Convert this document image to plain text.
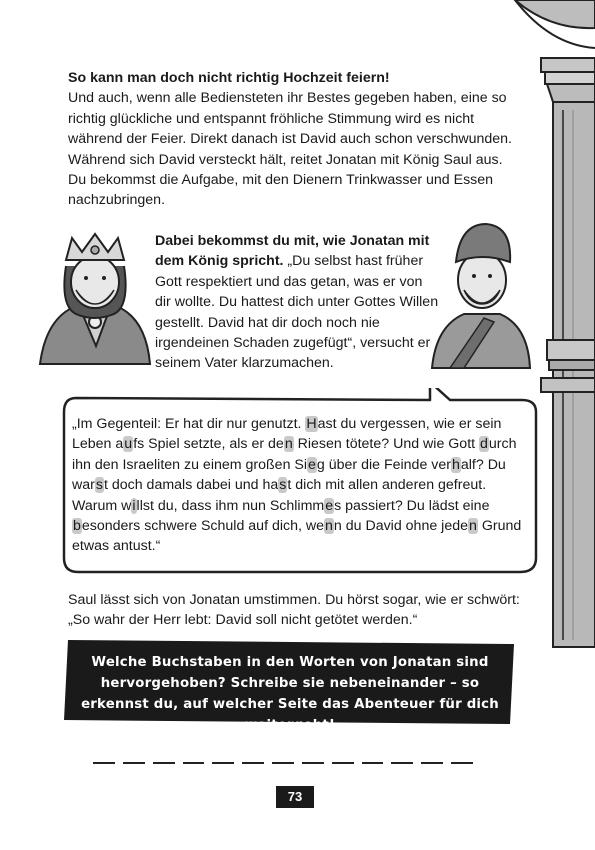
So kann man doch nicht richtig Hochzeit feiern!
Und auch, wenn alle Bediensteten ihr Bestes gegeben haben, eine so richtig glückliche und entspannt fröhliche Stimmung wird es nicht während der Feier. Direkt danach ist David auch schon verschwunden. Während sich David versteckt hält, reitet Jonatan mit König Saul aus. Du bekommst die Aufgabe, mit den Dienern Trinkwasser und Essen nachzubringen.
Dabei bekommst du mit, wie Jonatan mit dem König spricht. „Du selbst hast früher Gott respektiert und das getan, was er von dir wollte. Du hattest dich unter Gottes Willen gestellt. David hat dir doch noch nie irgendeinen Schaden zugefügt“, versucht er seinem Vater klarzumachen.
„Im Gegenteil: Er hat dir nur genutzt. Hast du vergessen, wie er sein Leben aufs Spiel setzte, als er den Riesen tötete? Und wie Gott durch ihn den Israeliten zu einem großen Sieg über die Feinde verhalf? Du warst doch damals dabei und hast dich mit allen anderen gefreut. Warum willst du, dass ihm nun Schlimmes passiert? Du lädst eine besonders schwere Schuld auf dich, wenn du David ohne jeden Grund etwas antust.“
Saul lässt sich von Jonatan umstimmen. Du hörst sogar, wie er schwört: „So wahr der Herr lebt: David soll nicht getötet werden.“
Welche Buchstaben in den Worten von Jonatan sind hervorgehoben? Schreibe sie nebeneinander – so erkennst du, auf welcher Seite das Abenteuer für dich weitergeht!
73
